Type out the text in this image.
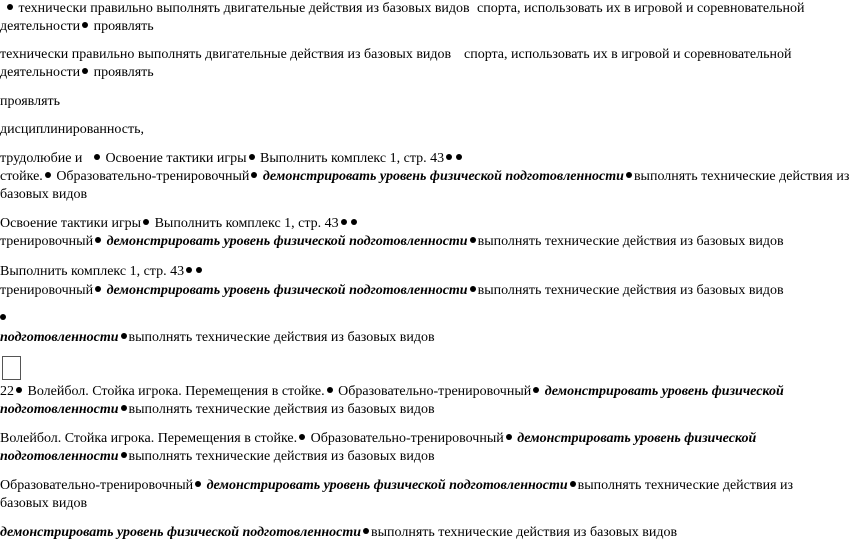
технически правильно выполнять двигательные действия из базовых видов спорта, использовать их в игровой и соревновательной
деятельности проявлять
технически правильно выполнять двигательные действия из базовых видов спорта, использовать их в игровой и соревновательной
деятельности проявлять
проявлять
дисциплинированность,
трудолюбие и Освоение тактики игры Выполнить комплекс 1, стр. 43
стойке. Образовательно-тренировочный демонстрировать уровень физической подготовленности выполнять технические действия из
базовых видов
Освоение тактики игры Выполнить комплекс 1, стр. 43
тренировочный демонстрировать уровень физической подготовленности выполнять технические действия из базовых видов
Выполнить комплекс 1, стр. 43
тренировочный демонстрировать уровень физической подготовленности выполнять технические действия из базовых видов
подготовленности выполнять технические действия из базовых видов
22 Волейбол. Стойка игрока. Перемещения в стойке. Образовательно-тренировочный демонстрировать уровень физической
подготовленности выполнять технические действия из базовых видов
Волейбол. Стойка игрока. Перемещения в стойке. Образовательно-тренировочный демонстрировать уровень физической
подготовленности выполнять технические действия из базовых видов
Образовательно-тренировочный демонстрировать уровень физической подготовленности выполнять технические действия из
базовых видов
демонстрировать уровень физической подготовленности выполнять технические действия из базовых видов
